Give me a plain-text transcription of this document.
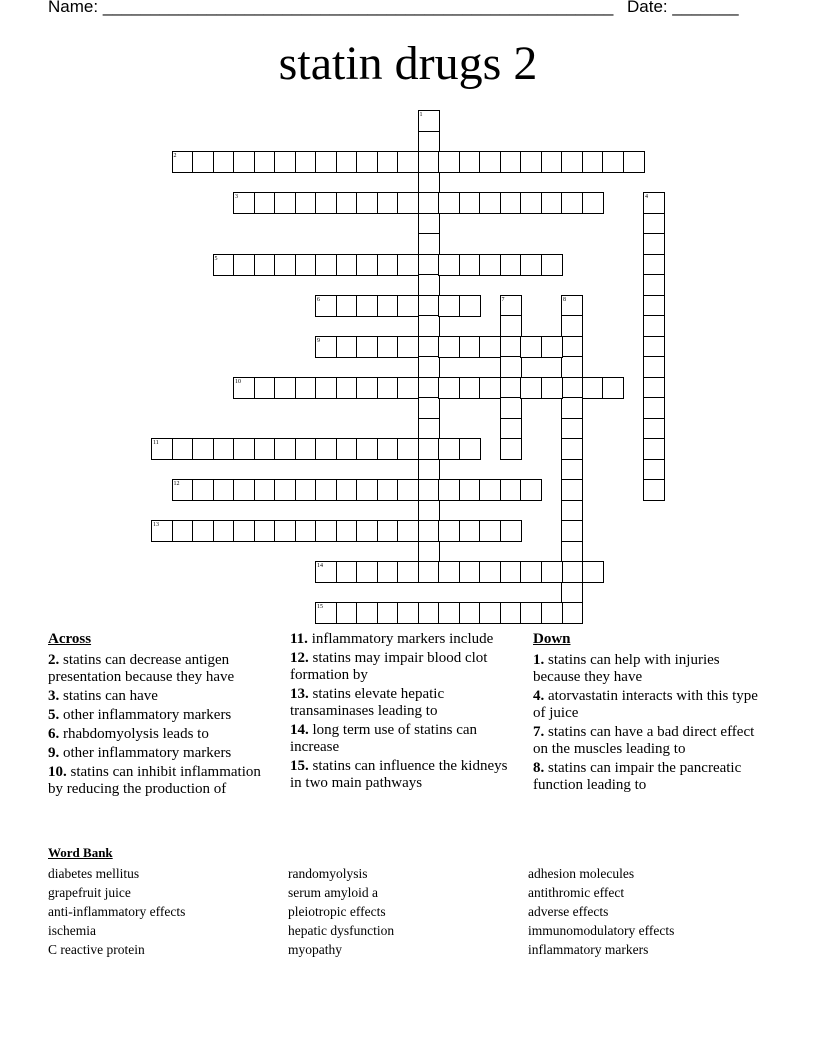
Name: ______________________________________________________ Date: _______
statin drugs 2
1
2
3	4
5
6	7	8
9
10
11
12
13
14
15
Across
2. statins can decrease antigen presentation because they have
3. statins can have
5. other inflammatory markers
6. rhabdomyolysis leads to
9. other inflammatory markers
10. statins can inhibit inflammation by reducing the production of
11. inflammatory markers include
12. statins may impair blood clot formation by
13. statins elevate hepatic transaminases leading to
14. long term use of statins can increase
15. statins can influence the kidneys in two main pathways
Down
1. statins can help with injuries because they have
4. atorvastatin interacts with this type of juice
7. statins can have a bad direct effect on the muscles leading to
8. statins can impair the pancreatic function leading to
Word Bank
diabetes mellitus
grapefruit juice
anti-inflammatory effects
ischemia
C reactive protein
randomyolysis
serum amyloid a
pleiotropic effects
hepatic dysfunction
myopathy
adhesion molecules
antithromic effect
adverse effects
immunomodulatory effects
inflammatory markers
